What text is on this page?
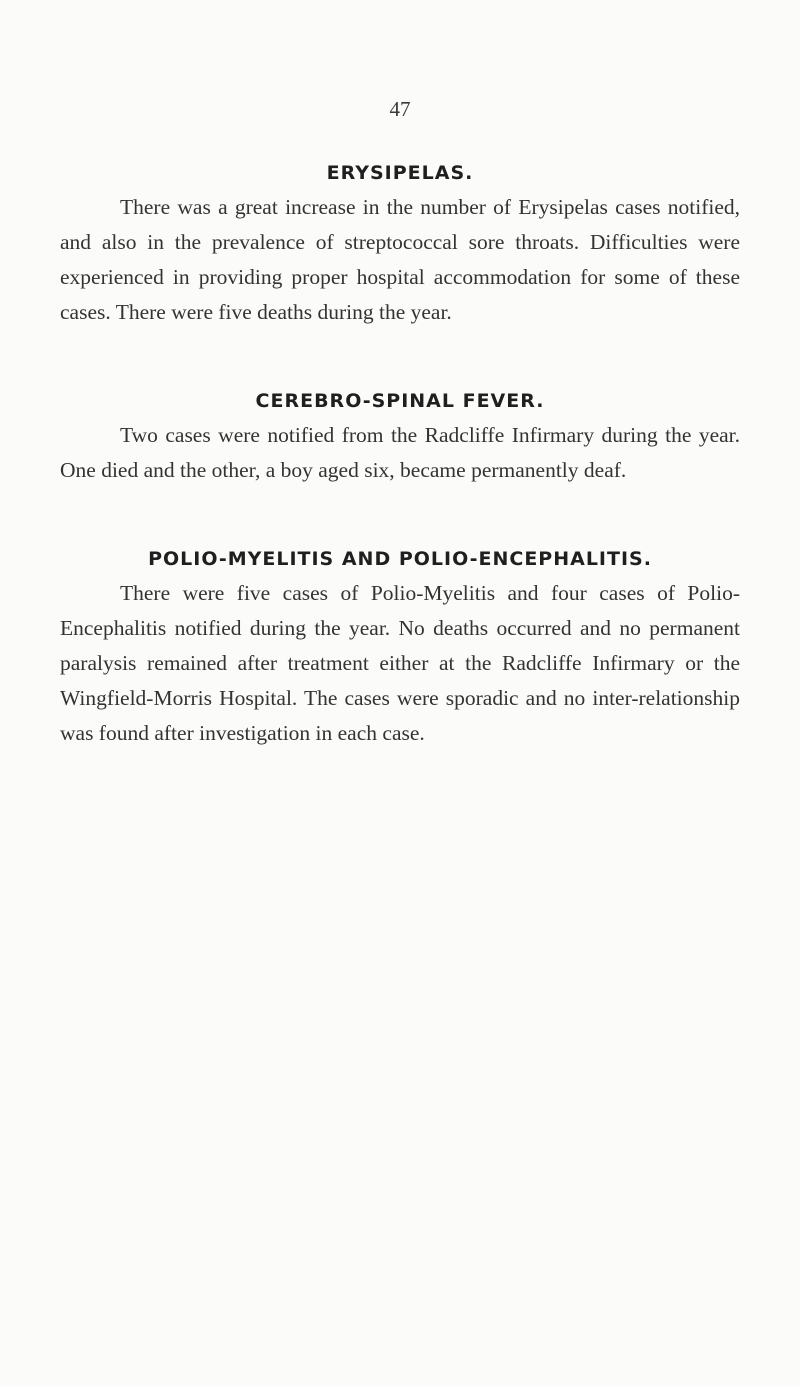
47
ERYSIPELAS.

There was a great increase in the number of Erysipelas cases notified, and also in the prevalence of streptococcal sore throats. Difficulties were experienced in providing proper hospital accommodation for some of these cases. There were five deaths during the year.

CEREBRO-SPINAL FEVER.

Two cases were notified from the Radcliffe Infirmary during the year. One died and the other, a boy aged six, became permanently deaf.

POLIO-MYELITIS AND POLIO-ENCEPHALITIS.

There were five cases of Polio-Myelitis and four cases of Polio-Encephalitis notified during the year. No deaths occurred and no permanent paralysis remained after treatment either at the Radcliffe Infirmary or the Wingfield-Morris Hospital. The cases were sporadic and no inter-relationship was found after investigation in each case.
